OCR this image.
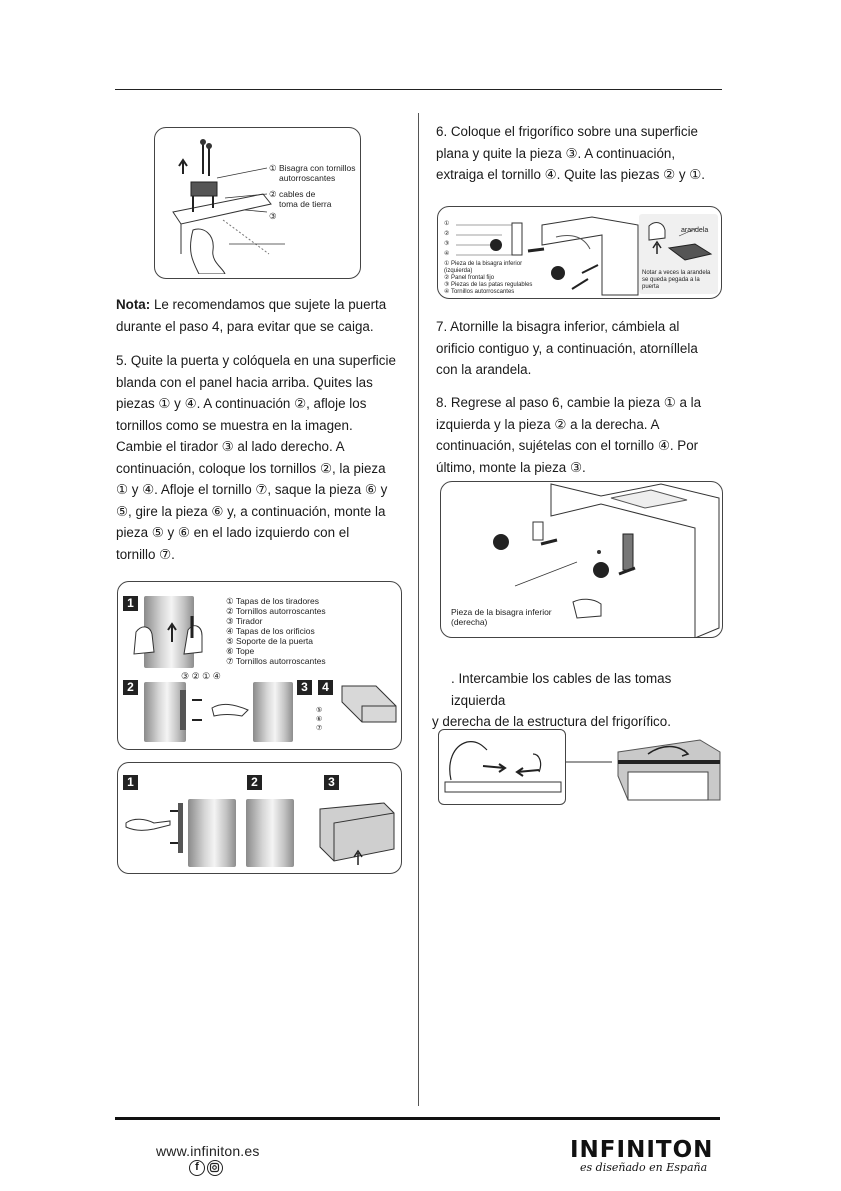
① Bisagra con tornillos
autorroscantes
② cables de
toma de tierra
③
Nota: Le recomendamos que sujete la puerta
durante el paso 4, para evitar que se caiga.
5. Quite la puerta y colóquela en una superficie
blanda con el panel hacia arriba. Quites las
piezas ① y ④. A continuación ②, afloje los
tornillos como se muestra en la imagen.
Cambie el tirador ③ al lado derecho. A
continuación, coloque los tornillos ②, la pieza
① y ④. Afloje el tornillo ⑦, saque la pieza ⑥ y
⑤, gire la pieza ⑥ y, a continuación, monte la
pieza ⑤ y ⑥ en el lado izquierdo con el
tornillo ⑦.
1	① Tapas de los tiradores
② Tornillos autorroscantes
③ Tirador
④ Tapas de los orificios
⑤ Soporte de la puerta
⑥ Tope
⑦ Tornillos autorroscantes
③ ② ① ④
2	3	4
⑤
⑥
⑦
1	2	3
6. Coloque el frigorífico sobre una superficie
plana y quite la pieza ③. A continuación,
extraiga el tornillo ④. Quite las piezas ② y ①.
①
②
③
④
① Pieza de la bisagra inferior
(izquierda)
② Panel frontal fijo
③ Piezas de las patas regulables
④ Tornillos autorroscantes
arandela
Notar a veces la arandela
se queda pegada a la
puerta
7. Atornille la bisagra inferior, cámbiela al
orificio contiguo y, a continuación, atorníllela
con la arandela.
8. Regrese al paso 6, cambie la pieza ① a la
izquierda y la pieza ② a la derecha. A
continuación, sujételas con el tornillo ④. Por
último, monte la pieza ③.
Pieza de la bisagra inferior
(derecha)
. Intercambie los cables de las tomas izquierda
y derecha de la estructura del frigorífico.
www.infiniton.es
f
INFINITON
es diseñado en España
